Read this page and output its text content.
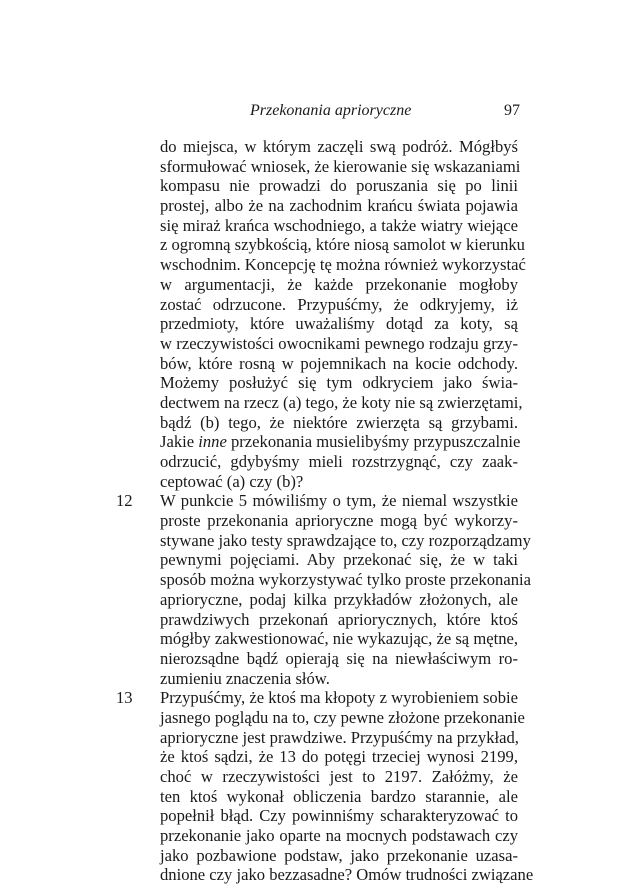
Przekonania aprioryczne	97
do miejsca, w którym zaczęli swą podróż. Mógłbyś
sformułować wniosek, że kierowanie się wskazaniami
kompasu nie prowadzi do poruszania się po linii
prostej, albo że na zachodnim krańcu świata pojawia
się miraż krańca wschodniego, a także wiatry wiejące
z ogromną szybkością, które niosą samolot w kierunku
wschodnim. Koncepcję tę można również wykorzystać
w argumentacji, że każde przekonanie mogłoby
zostać odrzucone. Przypuśćmy, że odkryjemy, iż
przedmioty, które uważaliśmy dotąd za koty, są
w rzeczywistości owocnikami pewnego rodzaju grzy-
bów, które rosną w pojemnikach na kocie odchody.
Możemy posłużyć się tym odkryciem jako świa-
dectwem na rzecz (a) tego, że koty nie są zwierzętami,
bądź (b) tego, że niektóre zwierzęta są grzybami.
Jakie inne przekonania musielibyśmy przypuszczalnie
odrzucić, gdybyśmy mieli rozstrzygnąć, czy zaak-
ceptować (a) czy (b)?
12	W punkcie 5 mówiliśmy o tym, że niemal wszystkie
proste przekonania aprioryczne mogą być wykorzy-
stywane jako testy sprawdzające to, czy rozporządzamy
pewnymi pojęciami. Aby przekonać się, że w taki
sposób można wykorzystywać tylko proste przekonania
aprioryczne, podaj kilka przykładów złożonych, ale
prawdziwych przekonań apriorycznych, które ktoś
mógłby zakwestionować, nie wykazując, że są mętne,
nierozsądne bądź opierają się na niewłaściwym ro-
zumieniu znaczenia słów.
13	Przypuśćmy, że ktoś ma kłopoty z wyrobieniem sobie
jasnego poglądu na to, czy pewne złożone przekonanie
aprioryczne jest prawdziwe. Przypuśćmy na przykład,
że ktoś sądzi, że 13 do potęgi trzeciej wynosi 2199,
choć w rzeczywistości jest to 2197. Załóżmy, że
ten ktoś wykonał obliczenia bardzo starannie, ale
popełnił błąd. Czy powinniśmy scharakteryzować to
przekonanie jako oparte na mocnych podstawach czy
jako pozbawione podstaw, jako przekonanie uzasa-
dnione czy jako bezzasadne? Omów trudności związane
